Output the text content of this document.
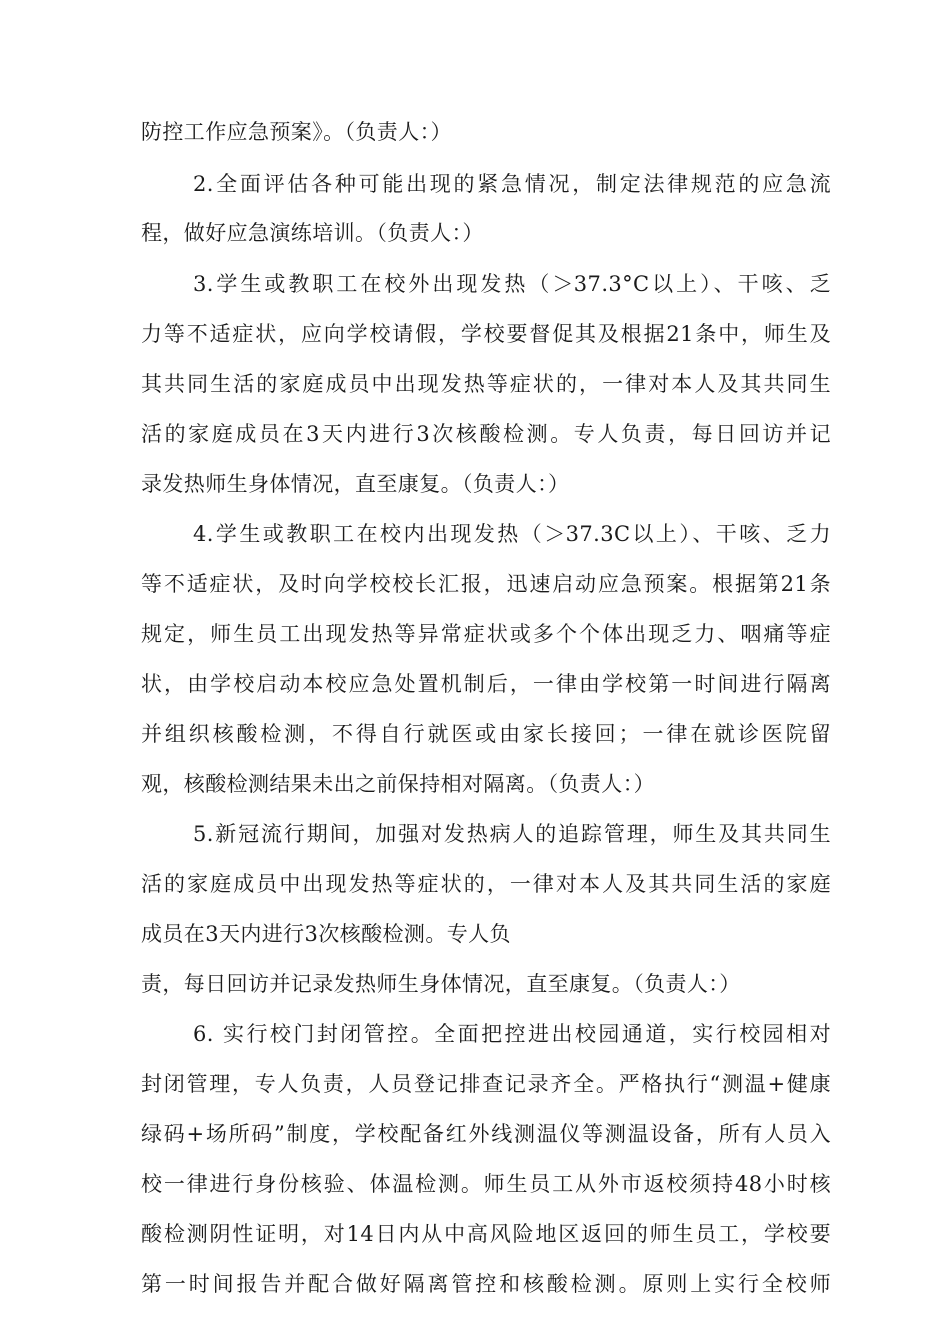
防控工作应急预案》。（负责人：）
2.全面评估各种可能出现的紧急情况，制定法律规范的应急流
程，做好应急演练培训。（负责人：）
3.学生或教职工在校外出现发热（＞37.3°C以上）、干咳、乏
力等不适症状，应向学校请假，学校要督促其及根据21条中，师生及
其共同生活的家庭成员中出现发热等症状的，一律对本人及其共同生
活的家庭成员在3天内进行3次核酸检测。专人负责，每日回访并记
录发热师生身体情况，直至康复。（负责人：）
4.学生或教职工在校内出现发热（＞37.3C以上）、干咳、乏力
等不适症状，及时向学校校长汇报，迅速启动应急预案。根据第21条
规定，师生员工出现发热等异常症状或多个个体出现乏力、咽痛等症
状，由学校启动本校应急处置机制后，一律由学校第一时间进行隔离
并组织核酸检测，不得自行就医或由家长接回；一律在就诊医院留
观，核酸检测结果未出之前保持相对隔离。（负责人：）
5.新冠流行期间，加强对发热病人的追踪管理，师生及其共同生
活的家庭成员中出现发热等症状的，一律对本人及其共同生活的家庭
成员在3天内进行3次核酸检测。专人负
责，每日回访并记录发热师生身体情况，直至康复。（负责人：）
6. 实行校门封闭管控。全面把控进出校园通道，实行校园相对
封闭管理，专人负责，人员登记排查记录齐全。严格执行“测温+健康
绿码+场所码”制度，学校配备红外线测温仪等测温设备，所有人员入
校一律进行身份核验、体温检测。师生员工从外市返校须持48小时核
酸检测阴性证明，对14日内从中高风险地区返回的师生员工，学校要
第一时间报告并配合做好隔离管控和核酸检测。原则上实行全校师
